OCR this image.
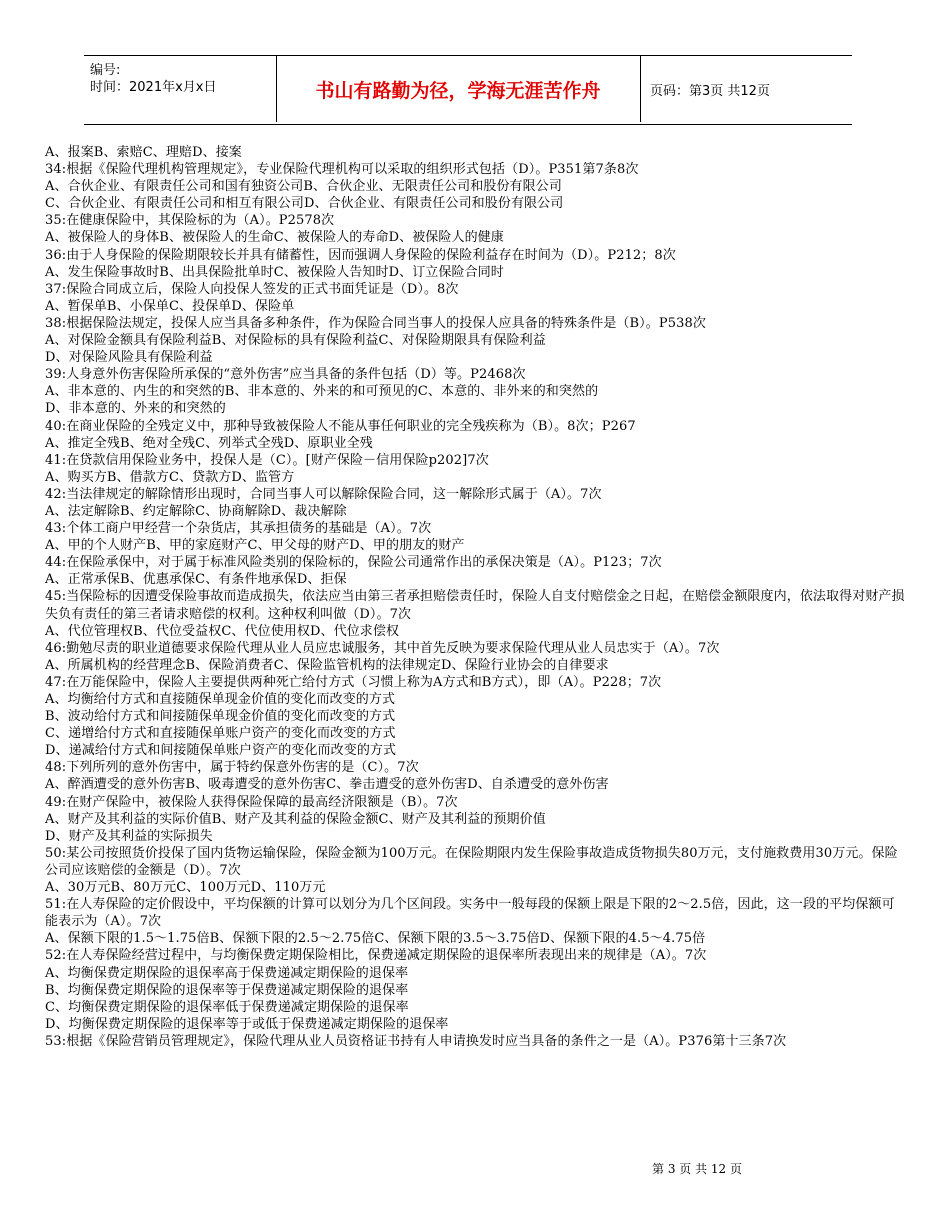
编号:
时间：2021年x月x日	书山有路勤为径，学海无涯苦作舟	页码：第3页 共12页

A、报案B、索赔C、理赔D、接案

34:根据《保险代理机构管理规定》，专业保险代理机构可以采取的组织形式包括（D）。P351第7条8次

A、合伙企业、有限责任公司和国有独资公司B、合伙企业、无限责任公司和股份有限公司

C、合伙企业、有限责任公司和相互有限公司D、合伙企业、有限责任公司和股份有限公司

35:在健康保险中，其保险标的为（A）。P2578次

A、被保险人的身体B、被保险人的生命C、被保险人的寿命D、被保险人的健康

36:由于人身保险的保险期限较长并具有储蓄性，因而强调人身保险的保险利益存在时间为（D）。P212；8次

A、发生保险事故时B、出具保险批单时C、被保险人告知时D、订立保险合同时

37:保险合同成立后，保险人向投保人签发的正式书面凭证是（D）。8次

A、暂保单B、小保单C、投保单D、保险单

38:根据保险法规定，投保人应当具备多种条件，作为保险合同当事人的投保人应具备的特殊条件是（B）。P538次

A、对保险金额具有保险利益B、对保险标的具有保险利益C、对保险期限具有保险利益

D、对保险风险具有保险利益

39:人身意外伤害保险所承保的“意外伤害”应当具备的条件包括（D）等。P2468次

A、非本意的、内生的和突然的B、非本意的、外来的和可预见的C、本意的、非外来的和突然的

D、非本意的、外来的和突然的

40:在商业保险的全残定义中，那种导致被保险人不能从事任何职业的完全残疾称为（B）。8次；P267

A、推定全残B、绝对全残C、列举式全残D、原职业全残

41:在贷款信用保险业务中，投保人是（C）。[财产保险－信用保险p202]7次

A、购买方B、借款方C、贷款方D、监管方

42:当法律规定的解除情形出现时，合同当事人可以解除保险合同，这一解除形式属于（A）。7次

A、法定解除B、约定解除C、协商解除D、裁决解除

43:个体工商户甲经营一个杂货店，其承担债务的基础是（A）。7次

A、甲的个人财产B、甲的家庭财产C、甲父母的财产D、甲的朋友的财产

44:在保险承保中，对于属于标准风险类别的保险标的，保险公司通常作出的承保决策是（A）。P123；7次

A、正常承保B、优惠承保C、有条件地承保D、拒保

45:当保险标的因遭受保险事故而造成损失，依法应当由第三者承担赔偿责任时，保险人自支付赔偿金之日起，在赔偿金额限度内，依法取得对财产损失负有责任的第三者请求赔偿的权利。这种权利叫做（D）。7次

A、代位管理权B、代位受益权C、代位使用权D、代位求偿权

46:勤勉尽责的职业道德要求保险代理从业人员应忠诚服务，其中首先反映为要求保险代理从业人员忠实于（A）。7次

A、所属机构的经营理念B、保险消费者C、保险监管机构的法律规定D、保险行业协会的自律要求

47:在万能保险中，保险人主要提供两种死亡给付方式（习惯上称为A方式和B方式），即（A）。P228；7次

A、均衡给付方式和直接随保单现金价值的变化而改变的方式

B、波动给付方式和间接随保单现金价值的变化而改变的方式

C、递增给付方式和直接随保单账户资产的变化而改变的方式

D、递减给付方式和间接随保单账户资产的变化而改变的方式

48:下列所列的意外伤害中，属于特约保意外伤害的是（C）。7次

A、醉酒遭受的意外伤害B、吸毒遭受的意外伤害C、拳击遭受的意外伤害D、自杀遭受的意外伤害

49:在财产保险中，被保险人获得保险保障的最高经济限额是（B）。7次

A、财产及其利益的实际价值B、财产及其利益的保险金额C、财产及其利益的预期价值

D、财产及其利益的实际损失

50:某公司按照货价投保了国内货物运输保险，保险金额为100万元。在保险期限内发生保险事故造成货物损失80万元，支付施救费用30万元。保险公司应该赔偿的金额是（D）。7次

A、30万元B、80万元C、100万元D、110万元

51:在人寿保险的定价假设中，平均保额的计算可以划分为几个区间段。实务中一般每段的保额上限是下限的2～2.5倍，因此，这一段的平均保额可能表示为（A）。7次

A、保额下限的1.5～1.75倍B、保额下限的2.5～2.75倍C、保额下限的3.5～3.75倍D、保额下限的4.5～4.75倍

52:在人寿保险经营过程中，与均衡保费定期保险相比，保费递减定期保险的退保率所表现出来的规律是（A）。7次

A、均衡保费定期保险的退保率高于保费递减定期保险的退保率

B、均衡保费定期保险的退保率等于保费递减定期保险的退保率

C、均衡保费定期保险的退保率低于保费递减定期保险的退保率

D、均衡保费定期保险的退保率等于或低于保费递减定期保险的退保率

53:根据《保险营销员管理规定》，保险代理从业人员资格证书持有人申请换发时应当具备的条件之一是（A）。P376第十三条7次

第 3 页 共 12 页
